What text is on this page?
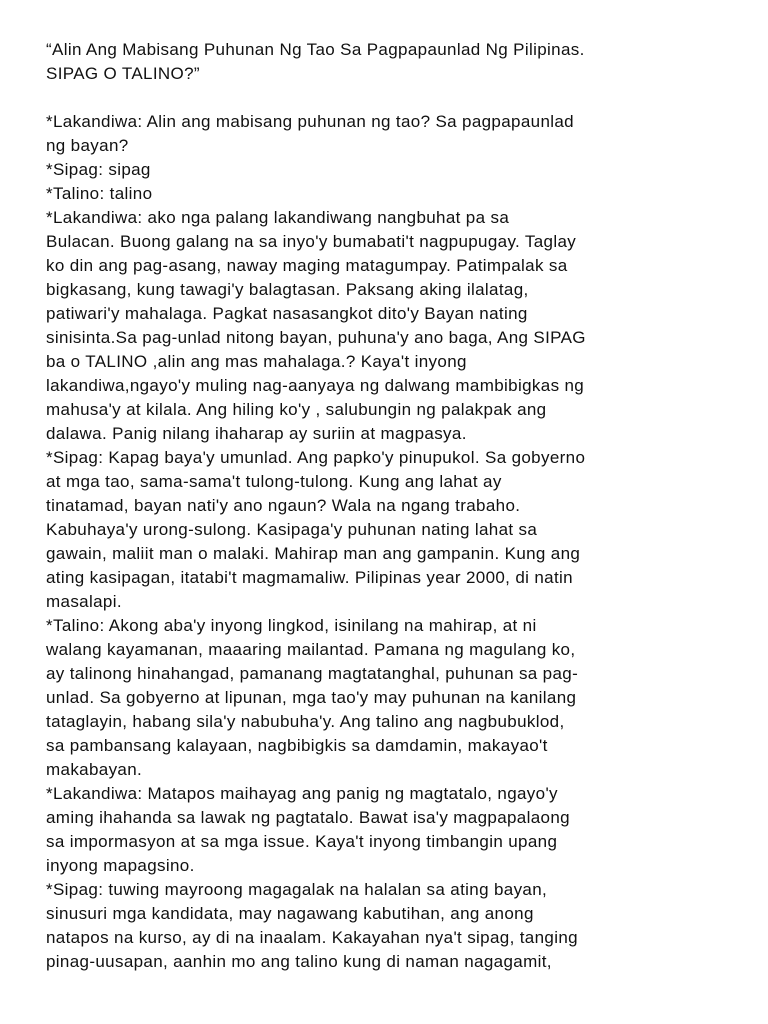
“Alin Ang Mabisang Puhunan Ng Tao Sa Pagpapaunlad Ng Pilipinas.
SIPAG O TALINO?”
*Lakandiwa: Alin ang mabisang puhunan ng tao? Sa pagpapaunlad
ng bayan?
*Sipag: sipag
*Talino: talino
*Lakandiwa: ako nga palang lakandiwang nangbuhat pa sa
Bulacan. Buong galang na sa inyo'y bumabati't nagpupugay. Taglay
ko din ang pag-asang, naway maging matagumpay. Patimpalak sa
bigkasang, kung tawagi'y balagtasan. Paksang aking ilalatag,
patiwari'y mahalaga. Pagkat nasasangkot dito'y Bayan nating
sinisinta.Sa pag-unlad nitong bayan, puhuna'y ano baga, Ang SIPAG
ba o TALINO ,alin ang mas mahalaga.? Kaya't inyong
lakandiwa,ngayo'y muling nag-aanyaya ng dalwang mambibigkas ng
mahusa'y at kilala. Ang hiling ko'y , salubungin ng palakpak ang
dalawa. Panig nilang ihaharap ay suriin at magpasya.
*Sipag: Kapag baya'y umunlad. Ang papko'y pinupukol. Sa gobyerno
at mga tao, sama-sama't tulong-tulong. Kung ang lahat ay
tinatamad, bayan nati'y ano ngaun? Wala na ngang trabaho.
Kabuhaya'y urong-sulong. Kasipaga'y puhunan nating lahat sa
gawain, maliit man o malaki. Mahirap man ang gampanin. Kung ang
ating kasipagan, itatabi't magmamaliw. Pilipinas year 2000, di natin
masalapi.
*Talino: Akong aba'y inyong lingkod, isinilang na mahirap, at ni
walang kayamanan, maaaring mailantad. Pamana ng magulang ko,
ay talinong hinahangad, pamanang magtatanghal, puhunan sa pag-
unlad. Sa gobyerno at lipunan, mga tao'y may puhunan na kanilang
tataglayin, habang sila'y nabubuha'y. Ang talino ang nagbubuklod,
sa pambansang kalayaan, nagbibigkis sa damdamin, makayao't
makabayan.
*Lakandiwa: Matapos maihayag ang panig ng magtatalo, ngayo'y
aming ihahanda sa lawak ng pagtatalo. Bawat isa'y magpapalaong
sa impormasyon at sa mga issue. Kaya't inyong timbangin upang
inyong mapagsino.
*Sipag: tuwing mayroong magagalak na halalan sa ating bayan,
sinusuri mga kandidata, may nagawang kabutihan, ang anong
natapos na kurso, ay di na inaalam. Kakayahan nya't sipag, tanging
pinag-uusapan, aanhin mo ang talino kung di naman nagagamit,
